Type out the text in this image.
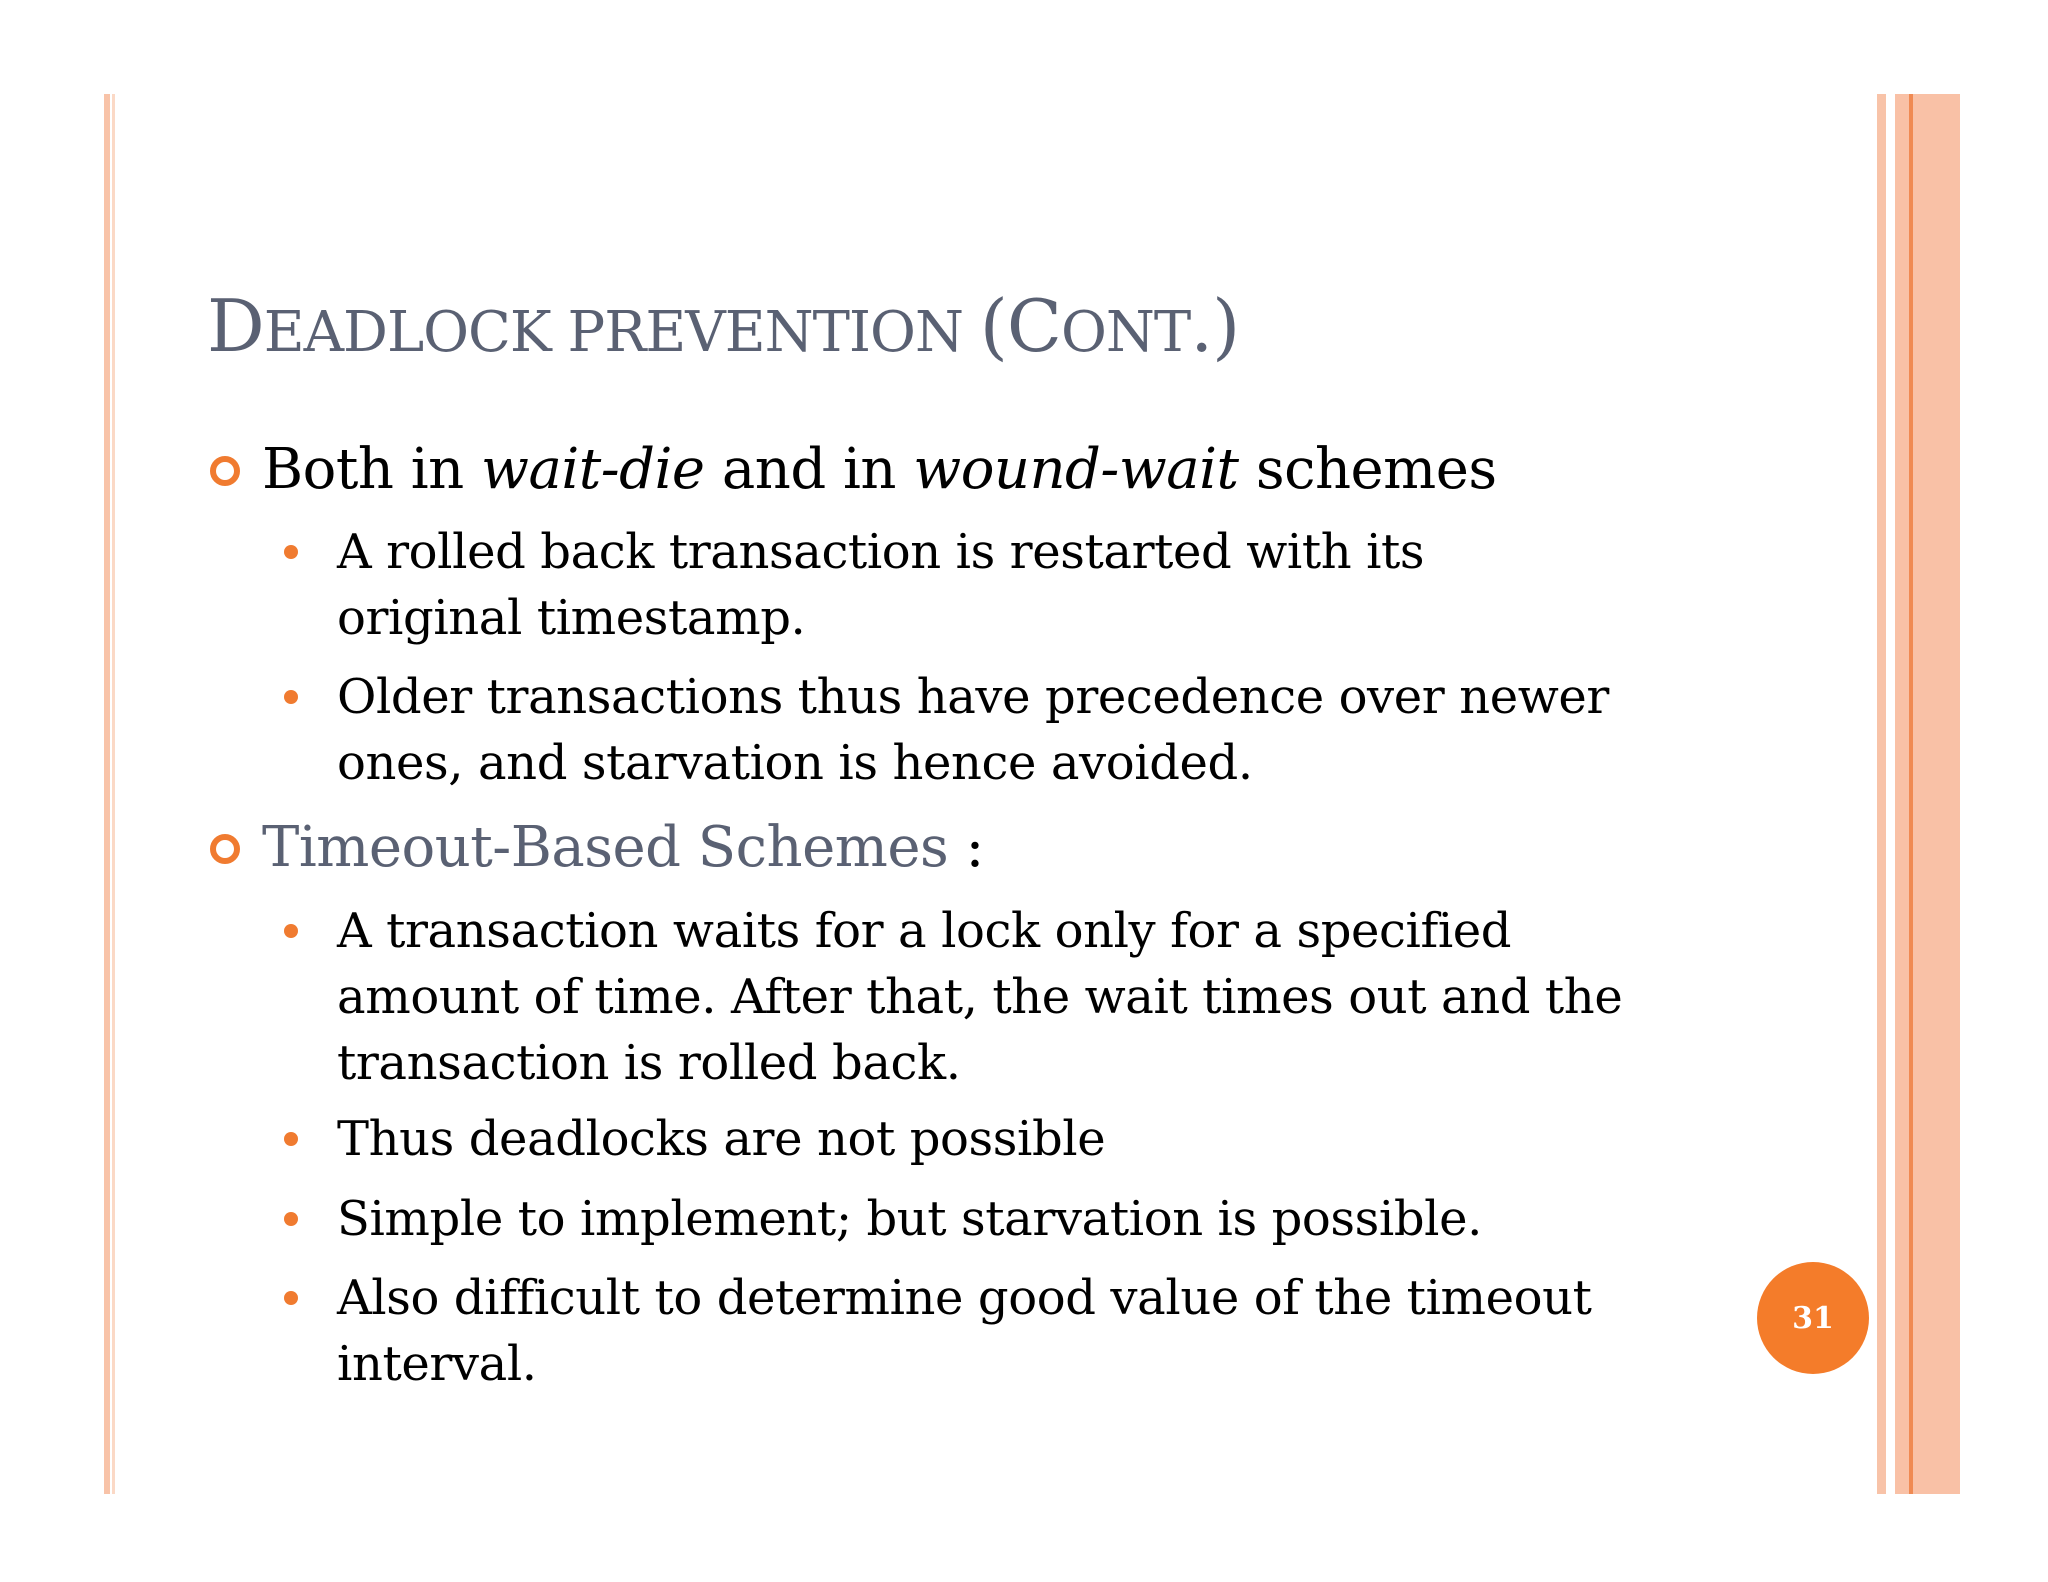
DEADLOCK PREVENTION (CONT.)
Both in wait-die and in wound-wait schemes
A rolled back transaction is restarted with its original timestamp.
Older transactions thus have precedence over newer ones, and starvation is hence avoided.
Timeout-Based Schemes :
A transaction waits for a lock only for a specified amount of time. After that, the wait times out and the transaction is rolled back.
Thus deadlocks are not possible
Simple to implement; but starvation is possible.
Also difficult to determine good value of the timeout interval.
31
